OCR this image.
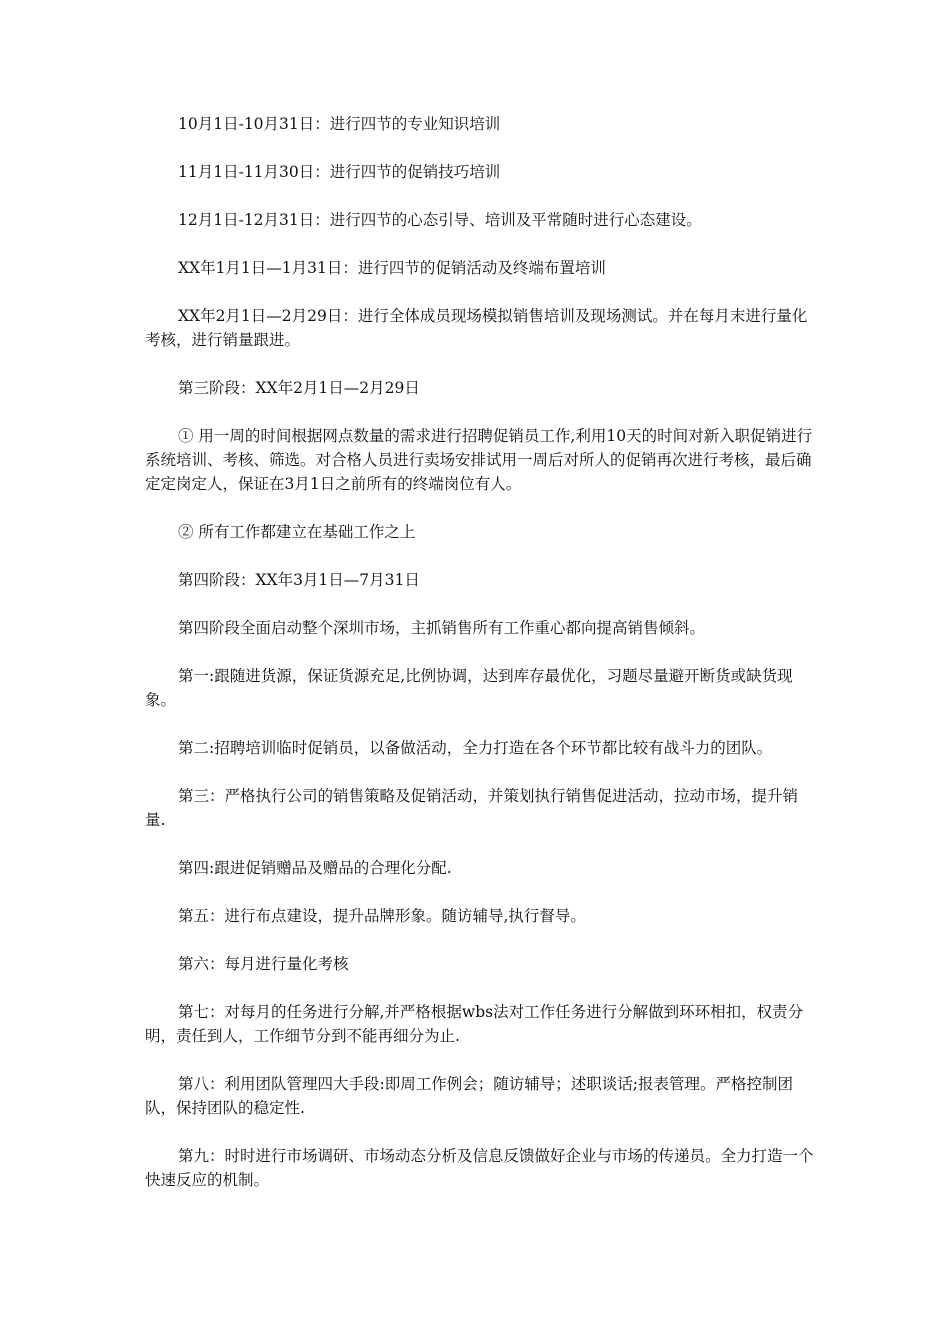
10月1日-10月31日：进行四节的专业知识培训

11月1日-11月30日：进行四节的促销技巧培训

12月1日-12月31日：进行四节的心态引导、培训及平常随时进行心态建设。

XX年1月1日—1月31日：进行四节的促销活动及终端布置培训

XX年2月1日—2月29日：进行全体成员现场模拟销售培训及现场测试。并在每月末进行量化考核，进行销量跟进。

第三阶段：XX年2月1日—2月29日

① 用一周的时间根据网点数量的需求进行招聘促销员工作,利用10天的时间对新入职促销进行系统培训、考核、筛选。对合格人员进行卖场安排试用一周后对所人的促销再次进行考核，最后确定定岗定人，保证在3月1日之前所有的终端岗位有人。

② 所有工作都建立在基础工作之上

第四阶段：XX年3月1日—7月31日

第四阶段全面启动整个深圳市场，主抓销售所有工作重心都向提高销售倾斜。

第一:跟随进货源，保证货源充足,比例协调，达到库存最优化，习题尽量避开断货或缺货现象。

第二:招聘培训临时促销员，以备做活动，全力打造在各个环节都比较有战斗力的团队。

第三：严格执行公司的销售策略及促销活动，并策划执行销售促进活动，拉动市场，提升销量.

第四:跟进促销赠品及赠品的合理化分配.

第五：进行布点建设，提升品牌形象。随访辅导,执行督导。

第六：每月进行量化考核

第七：对每月的任务进行分解,并严格根据wbs法对工作任务进行分解做到环环相扣，权责分明，责任到人，工作细节分到不能再细分为止.

第八：利用团队管理四大手段:即周工作例会；随访辅导；述职谈话;报表管理。严格控制团队，保持团队的稳定性.

第九：时时进行市场调研、市场动态分析及信息反馈做好企业与市场的传递员。全力打造一个快速反应的机制。
